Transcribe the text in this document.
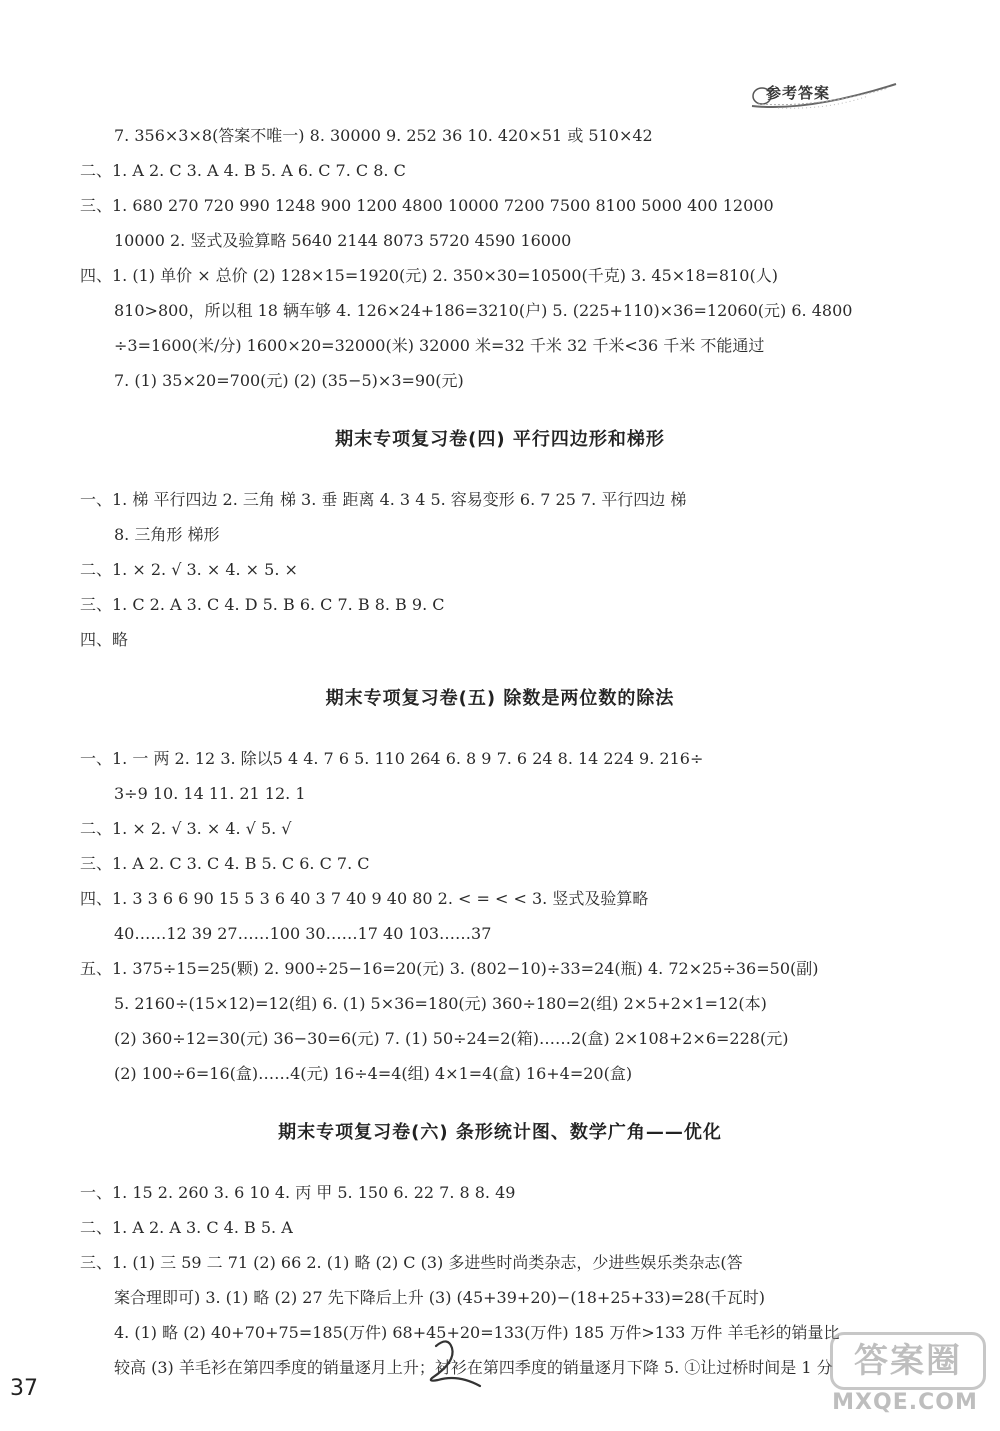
参考答案
7. 356×3×8(答案不唯一) 8. 30000 9. 252 36 10. 420×51 或 510×42
二、1. A 2. C 3. A 4. B 5. A 6. C 7. C 8. C
三、1. 680 270 720 990 1248 900 1200 4800 10000 7200 7500 8100 5000 400 12000
10000 2. 竖式及验算略 5640 2144 8073 5720 4590 16000
四、1. (1) 单价 × 总价 (2) 128×15=1920(元) 2. 350×30=10500(千克) 3. 45×18=810(人)
810>800，所以租 18 辆车够 4. 126×24+186=3210(户) 5. (225+110)×36=12060(元) 6. 4800
÷3=1600(米/分) 1600×20=32000(米) 32000 米=32 千米 32 千米<36 千米 不能通过
7. (1) 35×20=700(元) (2) (35−5)×3=90(元)
期末专项复习卷(四) 平行四边形和梯形
一、1. 梯 平行四边 2. 三角 梯 3. 垂 距离 4. 3 4 5. 容易变形 6. 7 25 7. 平行四边 梯
8. 三角形 梯形
二、1. × 2. √ 3. × 4. × 5. ×
三、1. C 2. A 3. C 4. D 5. B 6. C 7. B 8. B 9. C
四、略
期末专项复习卷(五) 除数是两位数的除法
一、1. 一 两 2. 12 3. 除以5 4 4. 7 6 5. 110 264 6. 8 9 7. 6 24 8. 14 224 9. 216÷
3÷9 10. 14 11. 21 12. 1
二、1. × 2. √ 3. × 4. √ 5. √
三、1. A 2. C 3. C 4. B 5. C 6. C 7. C
四、1. 3 3 6 6 90 15 5 3 6 40 3 7 40 9 40 80 2. < = < < 3. 竖式及验算略
40……12 39 27……100 30……17 40 103……37
五、1. 375÷15=25(颗) 2. 900÷25−16=20(元) 3. (802−10)÷33=24(瓶) 4. 72×25÷36=50(副)
5. 2160÷(15×12)=12(组) 6. (1) 5×36=180(元) 360÷180=2(组) 2×5+2×1=12(本)
(2) 360÷12=30(元) 36−30=6(元) 7. (1) 50÷24=2(箱)……2(盒) 2×108+2×6=228(元)
(2) 100÷6=16(盒)……4(元) 16÷4=4(组) 4×1=4(盒) 16+4=20(盒)
期末专项复习卷(六) 条形统计图、数学广角——优化
一、1. 15 2. 260 3. 6 10 4. 丙 甲 5. 150 6. 22 7. 8 8. 49
二、1. A 2. A 3. C 4. B 5. A
三、1. (1) 三 59 二 71 (2) 66 2. (1) 略 (2) C (3) 多进些时尚类杂志，少进些娱乐类杂志(答
案合理即可) 3. (1) 略 (2) 27 先下降后上升 (3) (45+39+20)−(18+25+33)=28(千瓦时)
4. (1) 略 (2) 40+70+75=185(万件) 68+45+20=133(万件) 185 万件>133 万件 羊毛衫的销量比
较高 (3) 羊毛衫在第四季度的销量逐月上升；衬衫在第四季度的销量逐月下降 5. ①让过桥时间是 1 分
37
答案圈
MXQE.COM
